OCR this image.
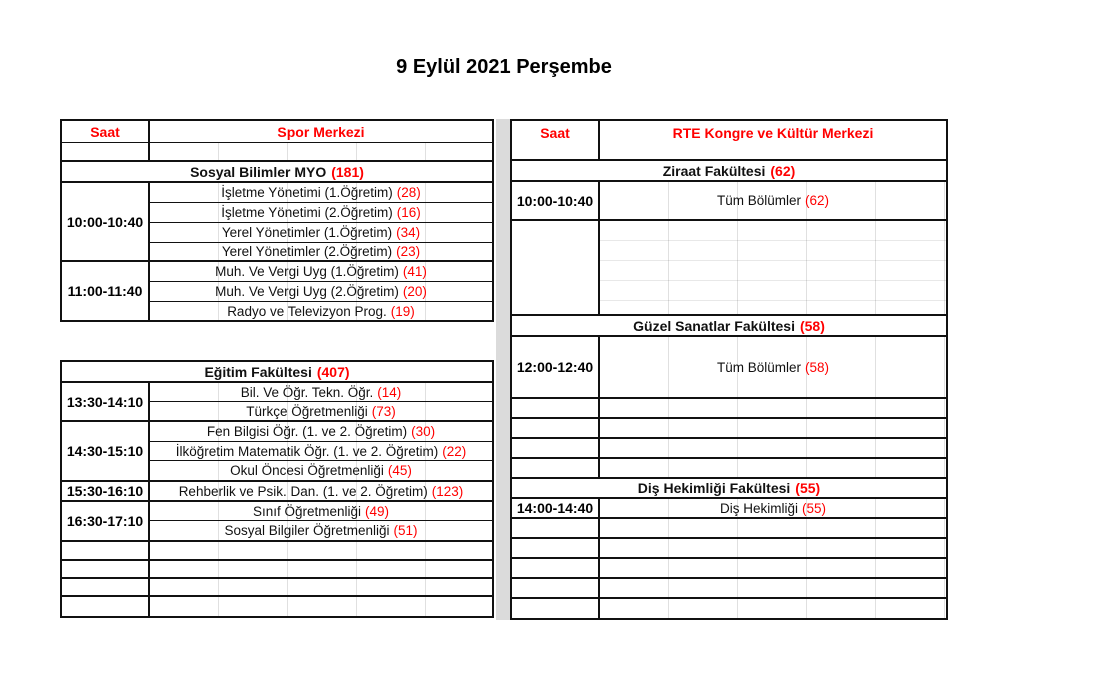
9 Eylül 2021 Perşembe
Saat	Spor Merkezi
Sosyal Bilimler MYO (181)
10:00-10:40
İşletme Yönetimi (1.Öğretim) (28)
İşletme Yönetimi (2.Öğretim) (16)
Yerel Yönetimler (1.Öğretim) (34)
Yerel Yönetimler (2.Öğretim) (23)
11:00-11:40
Muh. Ve Vergi Uyg (1.Öğretim) (41)
Muh. Ve Vergi Uyg (2.Öğretim) (20)
Radyo ve Televizyon Prog. (19)
Eğitim Fakültesi (407)
13:30-14:10
Bil. Ve Öğr. Tekn. Öğr. (14)
Türkçe Öğretmenliği (73)
14:30-15:10
Fen Bilgisi Öğr. (1. ve 2. Öğretim) (30)
İlköğretim Matematik Öğr. (1. ve 2. Öğretim) (22)
Okul Öncesi Öğretmenliği (45)
15:30-16:10	Rehberlik ve Psik. Dan. (1. ve 2. Öğretim) (123)
16:30-17:10
Sınıf Öğretmenliği (49)
Sosyal Bilgiler Öğretmenliği (51)
Saat	RTE Kongre ve Kültür Merkezi
Ziraat Fakültesi (62)
10:00-10:40	Tüm Bölümler (62)
Güzel Sanatlar Fakültesi (58)
12:00-12:40	Tüm Bölümler (58)
Diş Hekimliği Fakültesi (55)
14:00-14:40	Diş Hekimliği (55)
